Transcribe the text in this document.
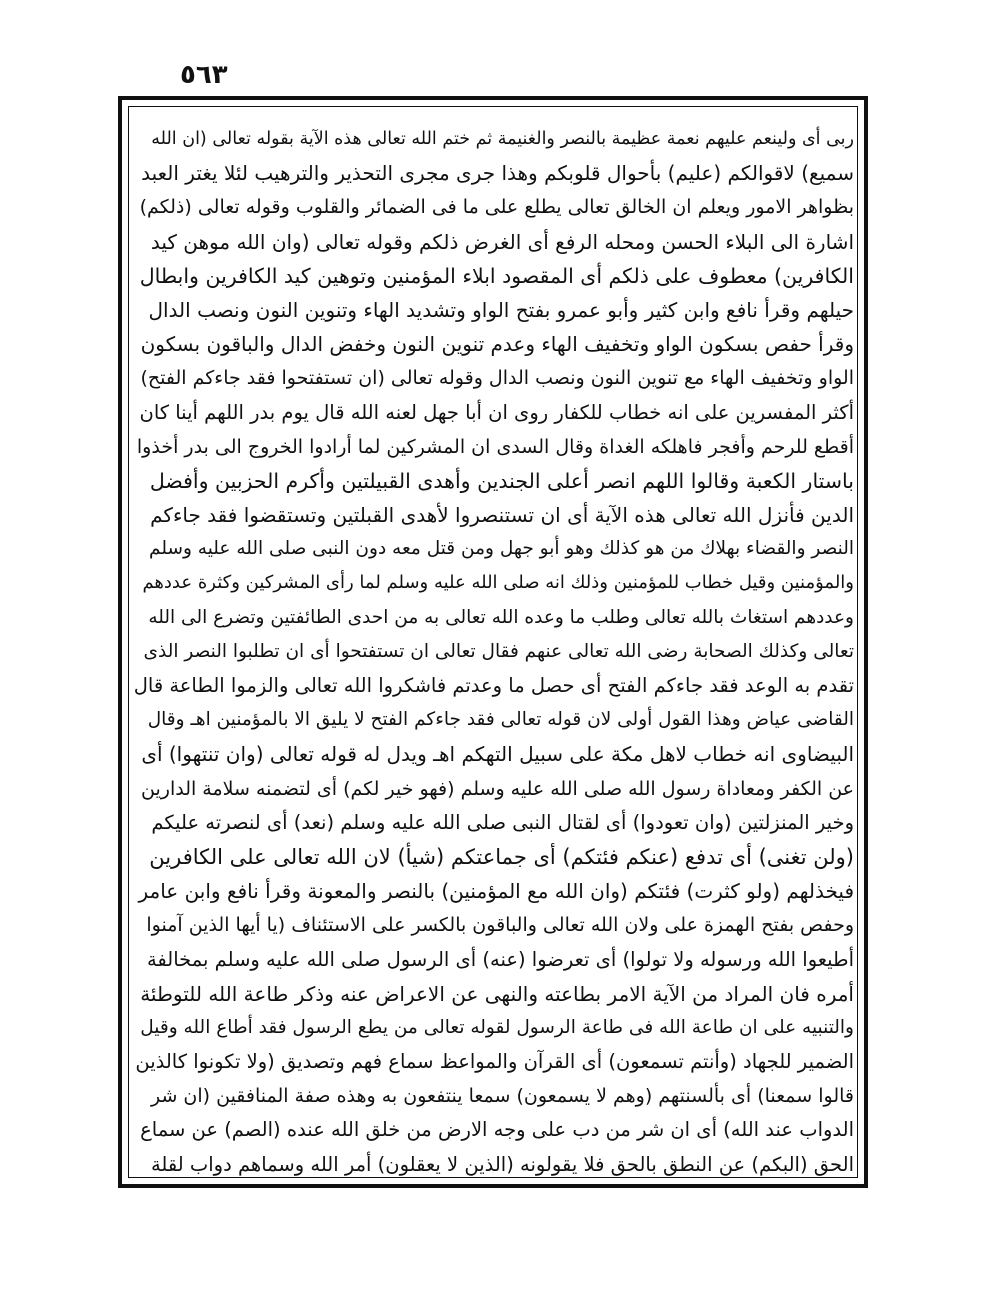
٥٦٣
ربى أى ولينعم عليهم نعمة عظيمة بالنصر والغنيمة ثم ختم الله تعالى هذه الآية بقوله تعالى (ان الله
سميع) لاقوالكم (عليم) بأحوال قلوبكم وهذا جرى مجرى التحذير والترهيب لئلا يغتر العبد
بظواهر الامور ويعلم ان الخالق تعالى يطلع على ما فى الضمائر والقلوب وقوله تعالى (ذلكم)
اشارة الى البلاء الحسن ومحله الرفع أى الغرض ذلكم وقوله تعالى (وان الله موهن كيد
الكافرين) معطوف على ذلكم أى المقصود ابلاء المؤمنين وتوهين كيد الكافرين وابطال
حيلهم وقرأ نافع وابن كثير وأبو عمرو بفتح الواو وتشديد الهاء وتنوين النون ونصب الدال
وقرأ حفص بسكون الواو وتخفيف الهاء وعدم تنوين النون وخفض الدال والباقون بسكون
الواو وتخفيف الهاء مع تنوين النون ونصب الدال وقوله تعالى (ان تستفتحوا فقد جاءكم الفتح)
أكثر المفسرين على انه خطاب للكفار روى ان أبا جهل لعنه الله قال يوم بدر اللهم أينا كان
أقطع للرحم وأفجر فاهلكه الغداة وقال السدى ان المشركين لما أرادوا الخروج الى بدر أخذوا
باستار الكعبة وقالوا اللهم انصر أعلى الجندين وأهدى القبيلتين وأكرم الحزبين وأفضل
الدين فأنزل الله تعالى هذه الآية أى ان تستنصروا لأهدى القبلتين وتستقضوا فقد جاءكم
النصر والقضاء بهلاك من هو كذلك وهو أبو جهل ومن قتل معه دون النبى صلى الله عليه وسلم
والمؤمنين وقيل خطاب للمؤمنين وذلك انه صلى الله عليه وسلم لما رأى المشركين وكثرة عددهم
وعددهم استغاث بالله تعالى وطلب ما وعده الله تعالى به من احدى الطائفتين وتضرع الى الله
تعالى وكذلك الصحابة رضى الله تعالى عنهم فقال تعالى ان تستفتحوا أى ان تطلبوا النصر الذى
تقدم به الوعد فقد جاءكم الفتح أى حصل ما وعدتم فاشكروا الله تعالى والزموا الطاعة قال
القاضى عياض وهذا القول أولى لان قوله تعالى فقد جاءكم الفتح لا يليق الا بالمؤمنين اهـ وقال
البيضاوى انه خطاب لاهل مكة على سبيل التهكم اهـ ويدل له قوله تعالى (وان تنتهوا) أى
عن الكفر ومعاداة رسول الله صلى الله عليه وسلم (فهو خير لكم) أى لتضمنه سلامة الدارين
وخير المنزلتين (وان تعودوا) أى لقتال النبى صلى الله عليه وسلم (نعد) أى لنصرته عليكم
(ولن تغنى) أى تدفع (عنكم فئتكم) أى جماعتكم (شيأ) لان الله تعالى على الكافرين
فيخذلهم (ولو كثرت) فئتكم (وان الله مع المؤمنين) بالنصر والمعونة وقرأ نافع وابن عامر
وحفص بفتح الهمزة على ولان الله تعالى والباقون بالكسر على الاستئناف (يا أيها الذين آمنوا
أطيعوا الله ورسوله ولا تولوا) أى تعرضوا (عنه) أى الرسول صلى الله عليه وسلم بمخالفة
أمره فان المراد من الآية الامر بطاعته والنهى عن الاعراض عنه وذكر طاعة الله للتوطئة
والتنبيه على ان طاعة الله فى طاعة الرسول لقوله تعالى من يطع الرسول فقد أطاع الله وقيل
الضمير للجهاد (وأنتم تسمعون) أى القرآن والمواعظ سماع فهم وتصديق (ولا تكونوا كالذين
قالوا سمعنا) أى بألسنتهم (وهم لا يسمعون) سمعا ينتفعون به وهذه صفة المنافقين (ان شر
الدواب عند الله) أى ان شر من دب على وجه الارض من خلق الله عنده (الصم) عن سماع
الحق (البكم) عن النطق بالحق فلا يقولونه (الذين لا يعقلون) أمر الله وسماهم دواب لقلة
